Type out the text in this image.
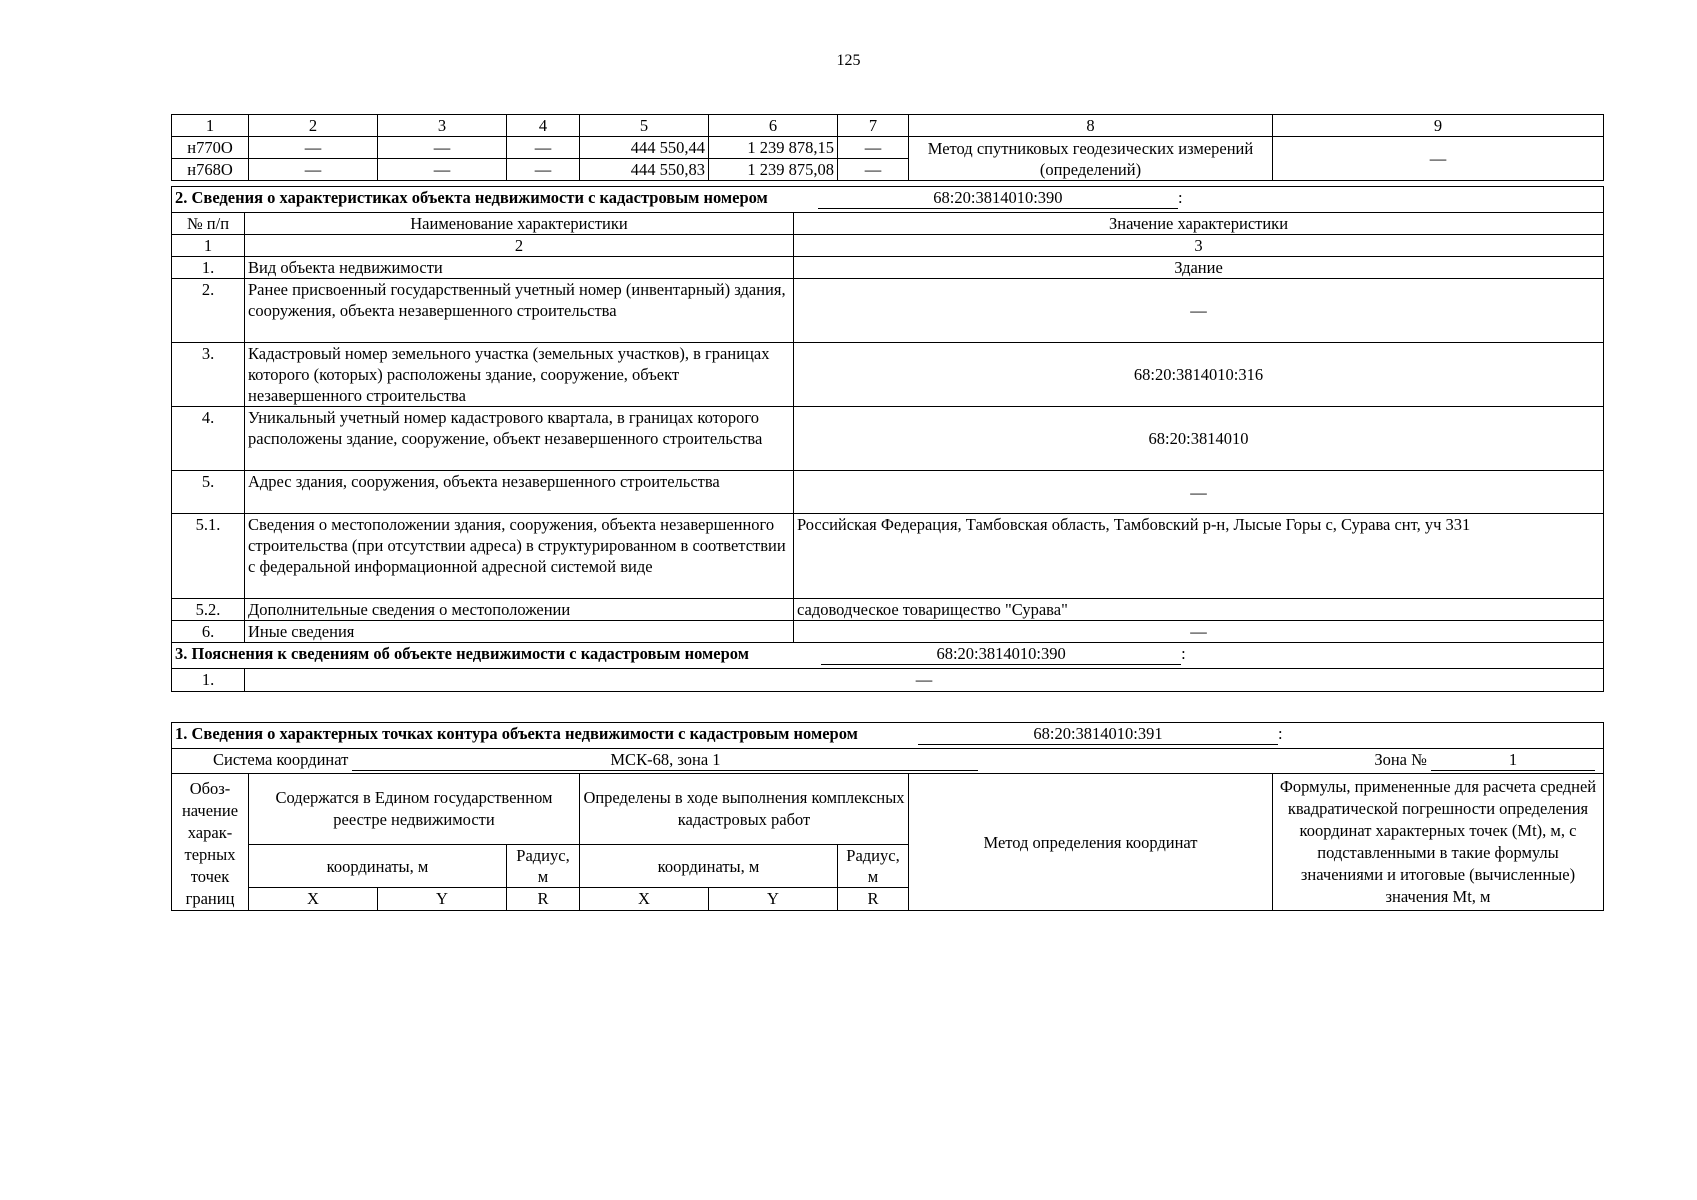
125
1	2	3	4	5	6	7	8	9
н770О	—	—	—	444 550,44	1 239 878,15	—	Метод спутниковых геодезических измерений (определений)	—
н768О	—	—	—	444 550,83	1 239 875,08	—		
2. Сведения о характеристиках объекта недвижимости с кадастровым номером 68:20:3814010:390 :		
№ п/п	Наименование характеристики	Значение характеристики
1	2	3
1.	Вид объекта недвижимости	Здание
2.	Ранее присвоенный государственный учетный номер (инвентарный) здания, сооружения, объекта незавершенного строительства	—
3.	Кадастровый номер земельного участка (земельных участков), в границах которого (которых) расположены здание, сооружение, объект незавершенного строительства	68:20:3814010:316
4.	Уникальный учетный номер кадастрового квартала, в границах которого расположены здание, сооружение, объект незавершенного строительства	68:20:3814010
5.	Адрес здания, сооружения, объекта незавершенного строительства	—
5.1.	Сведения о местоположении здания, сооружения, объекта незавершенного строительства (при отсутствии адреса) в структурированном в соответствии с федеральной информационной адресной системой виде	Российская Федерация, Тамбовская область, Тамбовский р-н, Лысые Горы с, Сурава снт, уч 331
5.2.	Дополнительные сведения о местоположении	садоводческое товарищество "Сурава"
6.	Иные сведения	—
3. Пояснения к сведениям об объекте недвижимости с кадастровым номером 68:20:3814010:390 :		
1.	—	
1. Сведения о характерных точках контура объекта недвижимости с кадастровым номером 68:20:3814010:391 :								
Система координат МСК-68, зона 1 Зона № 1								

Обоз-начение харак-терных точек границ	Содержатся в Едином государственном реестре недвижимости			Определены в ходе выполнения комплексных кадастровых работ			Метод определения координат	Формулы, примененные для расчета средней квадратической погрешности определения координат характерных точек (Mt), м, с подставленными в такие формулы значениями и итоговые (вычисленные) значения Mt, м
	координаты, м		Радиус, м	координаты, м		Радиус, м		
	X	Y	R	X	Y	R		
